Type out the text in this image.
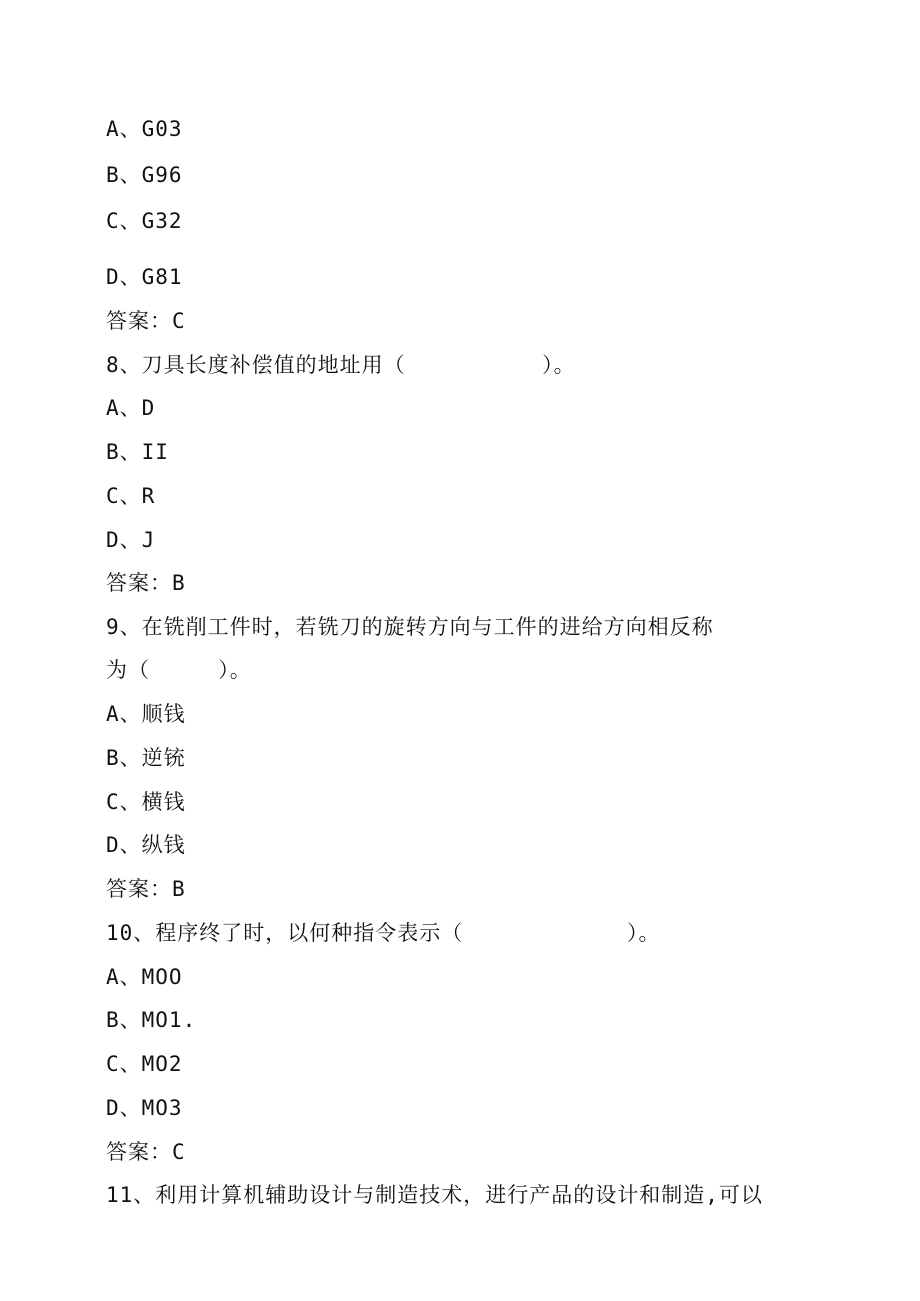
A、G03
B、G96
C、G32
D、G81
答案：C
8、刀具长度补偿值的地址用（          ）。
A、D
B、II
C、R
D、J
答案：B
9、在铣削工件时，若铣刀的旋转方向与工件的进给方向相反称
为（     ）。
A、顺钱
B、逆铳
C、横钱
D、纵钱
答案：B
10、程序终了时，以何种指令表示（            ）。
A、MOO
B、MO1.
C、MO2
D、MO3
答案：C
11、利用计算机辅助设计与制造技术，进行产品的设计和制造,可以
